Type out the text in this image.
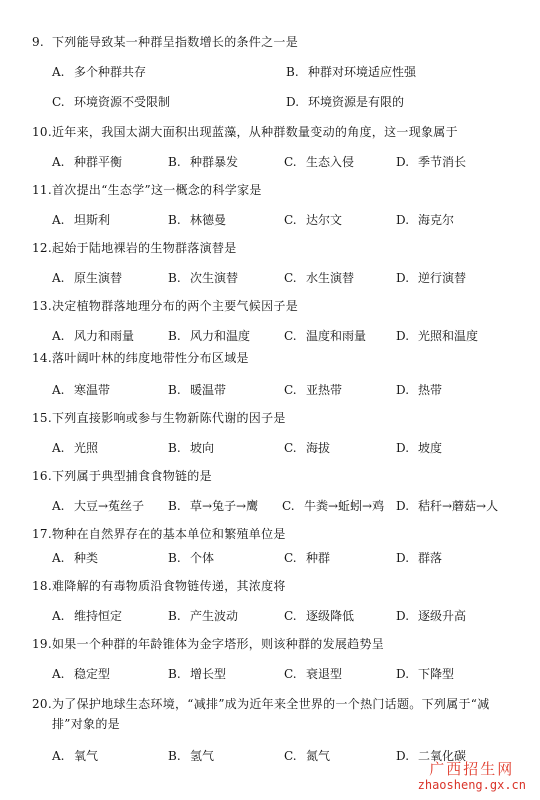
9. 下列能导致某一种群呈指数增长的条件之一是
A. 多个种群共存	B. 种群对环境适应性强
C. 环境资源不受限制	D. 环境资源是有限的
10.近年来，我国太湖大面积出现蓝藻，从种群数量变动的角度，这一现象属于
A. 种群平衡	B. 种群暴发	C. 生态入侵	D. 季节消长
11.首次提出“生态学”这一概念的科学家是
A. 坦斯利	B. 林德曼	C. 达尔文	D. 海克尔
12.起始于陆地裸岩的生物群落演替是
A. 原生演替	B. 次生演替	C. 水生演替	D. 逆行演替
13.决定植物群落地理分布的两个主要气候因子是
A. 风力和雨量	B. 风力和温度	C. 温度和雨量 D. 光照和温度
14.落叶阔叶林的纬度地带性分布区域是
A. 寒温带	B. 暖温带	C. 亚热带	D. 热带
15.下列直接影响或参与生物新陈代谢的因子是
A. 光照	B. 坡向	C. 海拔	D. 坡度
16.下列属于典型捕食食物链的是
A. 大豆→菟丝子 B. 草→兔子→鹰 C. 牛粪→蚯蚓→鸡 D. 秸秆→蘑菇→人
17.物种在自然界存在的基本单位和繁殖单位是
A. 种类	B. 个体	C. 种群	D. 群落
18.难降解的有毒物质沿食物链传递，其浓度将
A. 维持恒定	B. 产生波动	C. 逐级降低	D. 逐级升高
19.如果一个种群的年龄锥体为金字塔形，则该种群的发展趋势呈
A. 稳定型	B. 增长型	C. 衰退型	D. 下降型
20.为了保护地球生态环境，“减排”成为近年来全世界的一个热门话题。下列属于“减
排”对象的是
A. 氧气	B. 氢气	C. 氮气	D. 二氧化碳
广西招生网
zhaosheng.gx.cn
